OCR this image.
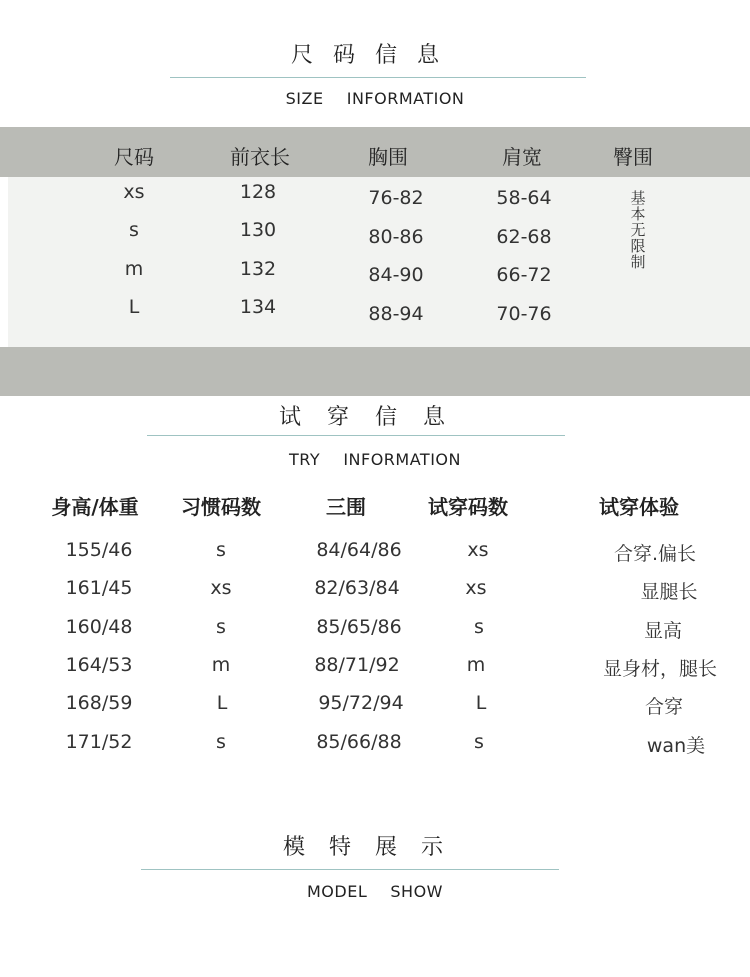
尺码信息
SIZE  INFORMATION
尺码	前衣长	胸围	肩宽	臀围
xs	128	76-82	58-64
s	130	80-86	62-68
m	132	84-90	66-72
L	134	88-94	70-76
基
本
无
限
制
试穿信息
TRY  INFORMATION
身高/体重 习惯码数	三围	试穿码数	试穿体验
155/46	s	84/64/86	xs	合穿.偏长
161/45	xs	82/63/84	xs	显腿长
160/48	s	85/65/86	s	显高
164/53	m	88/71/92	m	显身材，腿长
168/59	L	95/72/94	L	合穿
171/52	s	85/66/88	s	wan美
模特展示
MODEL  SHOW
